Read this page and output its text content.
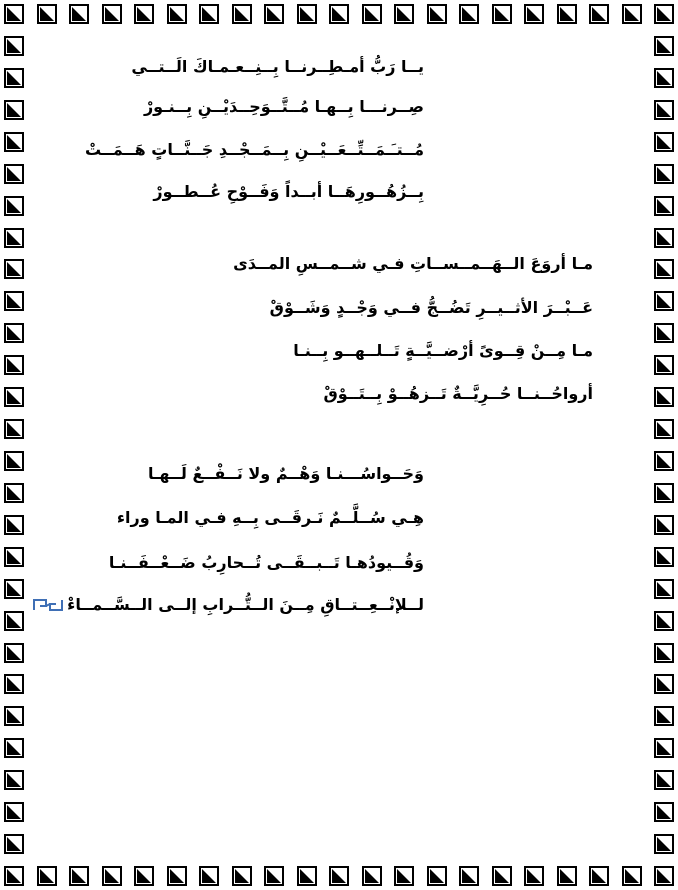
يــا رَبُّ أمـطِــرنــا بِــنِــعـمـاكَ الَــتــي
صِــرنـــا بِــهـا مُــتَّــوَحِــدَيْــنِ بِــنـورْ
مُــتـَـمَــتِّــعَــيْــنِ بِــمَــجْــدِ جَــنَّــاتٍ هَــمَــتْ
بِــزُهُــورِهَــا أبــداً وَفَــوْحِ عُــطــورْ
مـا أروَعَ الــهَــمــســاتِ فـي شــمــسِ المــدَى
عَــبْــرَ الأثــيــرِ تَضُــجُّ فــي وَجْــدٍ وَشَــوْقْ
مـا مِــنْ قِــوىً أرْضــيَّــةٍ تَــلــهــو بِــنـا
أرواحُــنــا حُــرِيَّــةٌ تَــزهُــوْ بِــتَــوْقْ
وَحَــواسُـــنـا وَهْــمٌ ولا نَــفْــعٌ لَــهـا
هِـي سُــلَّــمٌ نَـرقَــى بِــهِ فـي المـا وراء
وَقُــيودُهـا تَــبــقَــى تُــحارِبُ ضَــعْــفَــنـا
لــلإنْــعِــتــاقِ مِــنَ الــتُّــرابِ إلــى الــسَّــمــاءْ
